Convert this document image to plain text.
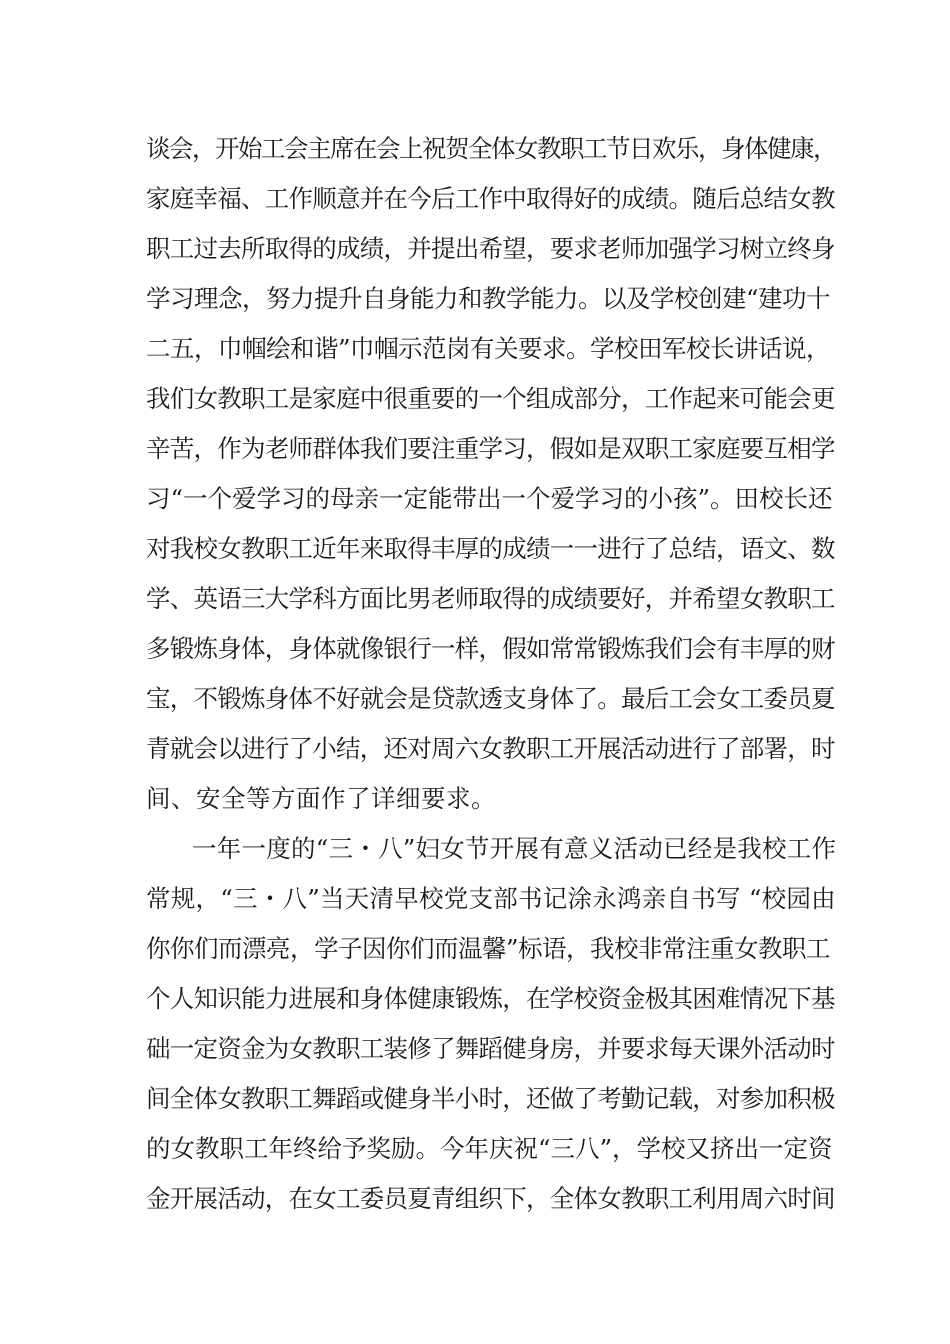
谈会，开始工会主席在会上祝贺全体女教职工节日欢乐，身体健康，
家庭幸福、工作顺意并在今后工作中取得好的成绩。随后总结女教
职工过去所取得的成绩，并提出希望，要求老师加强学习树立终身
学习理念，努力提升自身能力和教学能力。以及学校创建“建功十
二五，巾帼绘和谐”巾帼示范岗有关要求。学校田军校长讲话说，
我们女教职工是家庭中很重要的一个组成部分，工作起来可能会更
辛苦，作为老师群体我们要注重学习，假如是双职工家庭要互相学
习“一个爱学习的母亲一定能带出一个爱学习的小孩”。田校长还
对我校女教职工近年来取得丰厚的成绩一一进行了总结，语文、数
学、英语三大学科方面比男老师取得的成绩要好，并希望女教职工
多锻炼身体，身体就像银行一样，假如常常锻炼我们会有丰厚的财
宝，不锻炼身体不好就会是贷款透支身体了。最后工会女工委员夏
青就会以进行了小结，还对周六女教职工开展活动进行了部署，时
间、安全等方面作了详细要求。
一年一度的“三・八”妇女节开展有意义活动已经是我校工作
常规，“三・八”当天清早校党支部书记涂永鸿亲自书写 “校园由
你你们而漂亮，学子因你们而温馨”标语，我校非常注重女教职工
个人知识能力进展和身体健康锻炼，在学校资金极其困难情况下基
础一定资金为女教职工装修了舞蹈健身房，并要求每天课外活动时
间全体女教职工舞蹈或健身半小时，还做了考勤记载，对参加积极
的女教职工年终给予奖励。今年庆祝“三八”，学校又挤出一定资
金开展活动，在女工委员夏青组织下，全体女教职工利用周六时间
